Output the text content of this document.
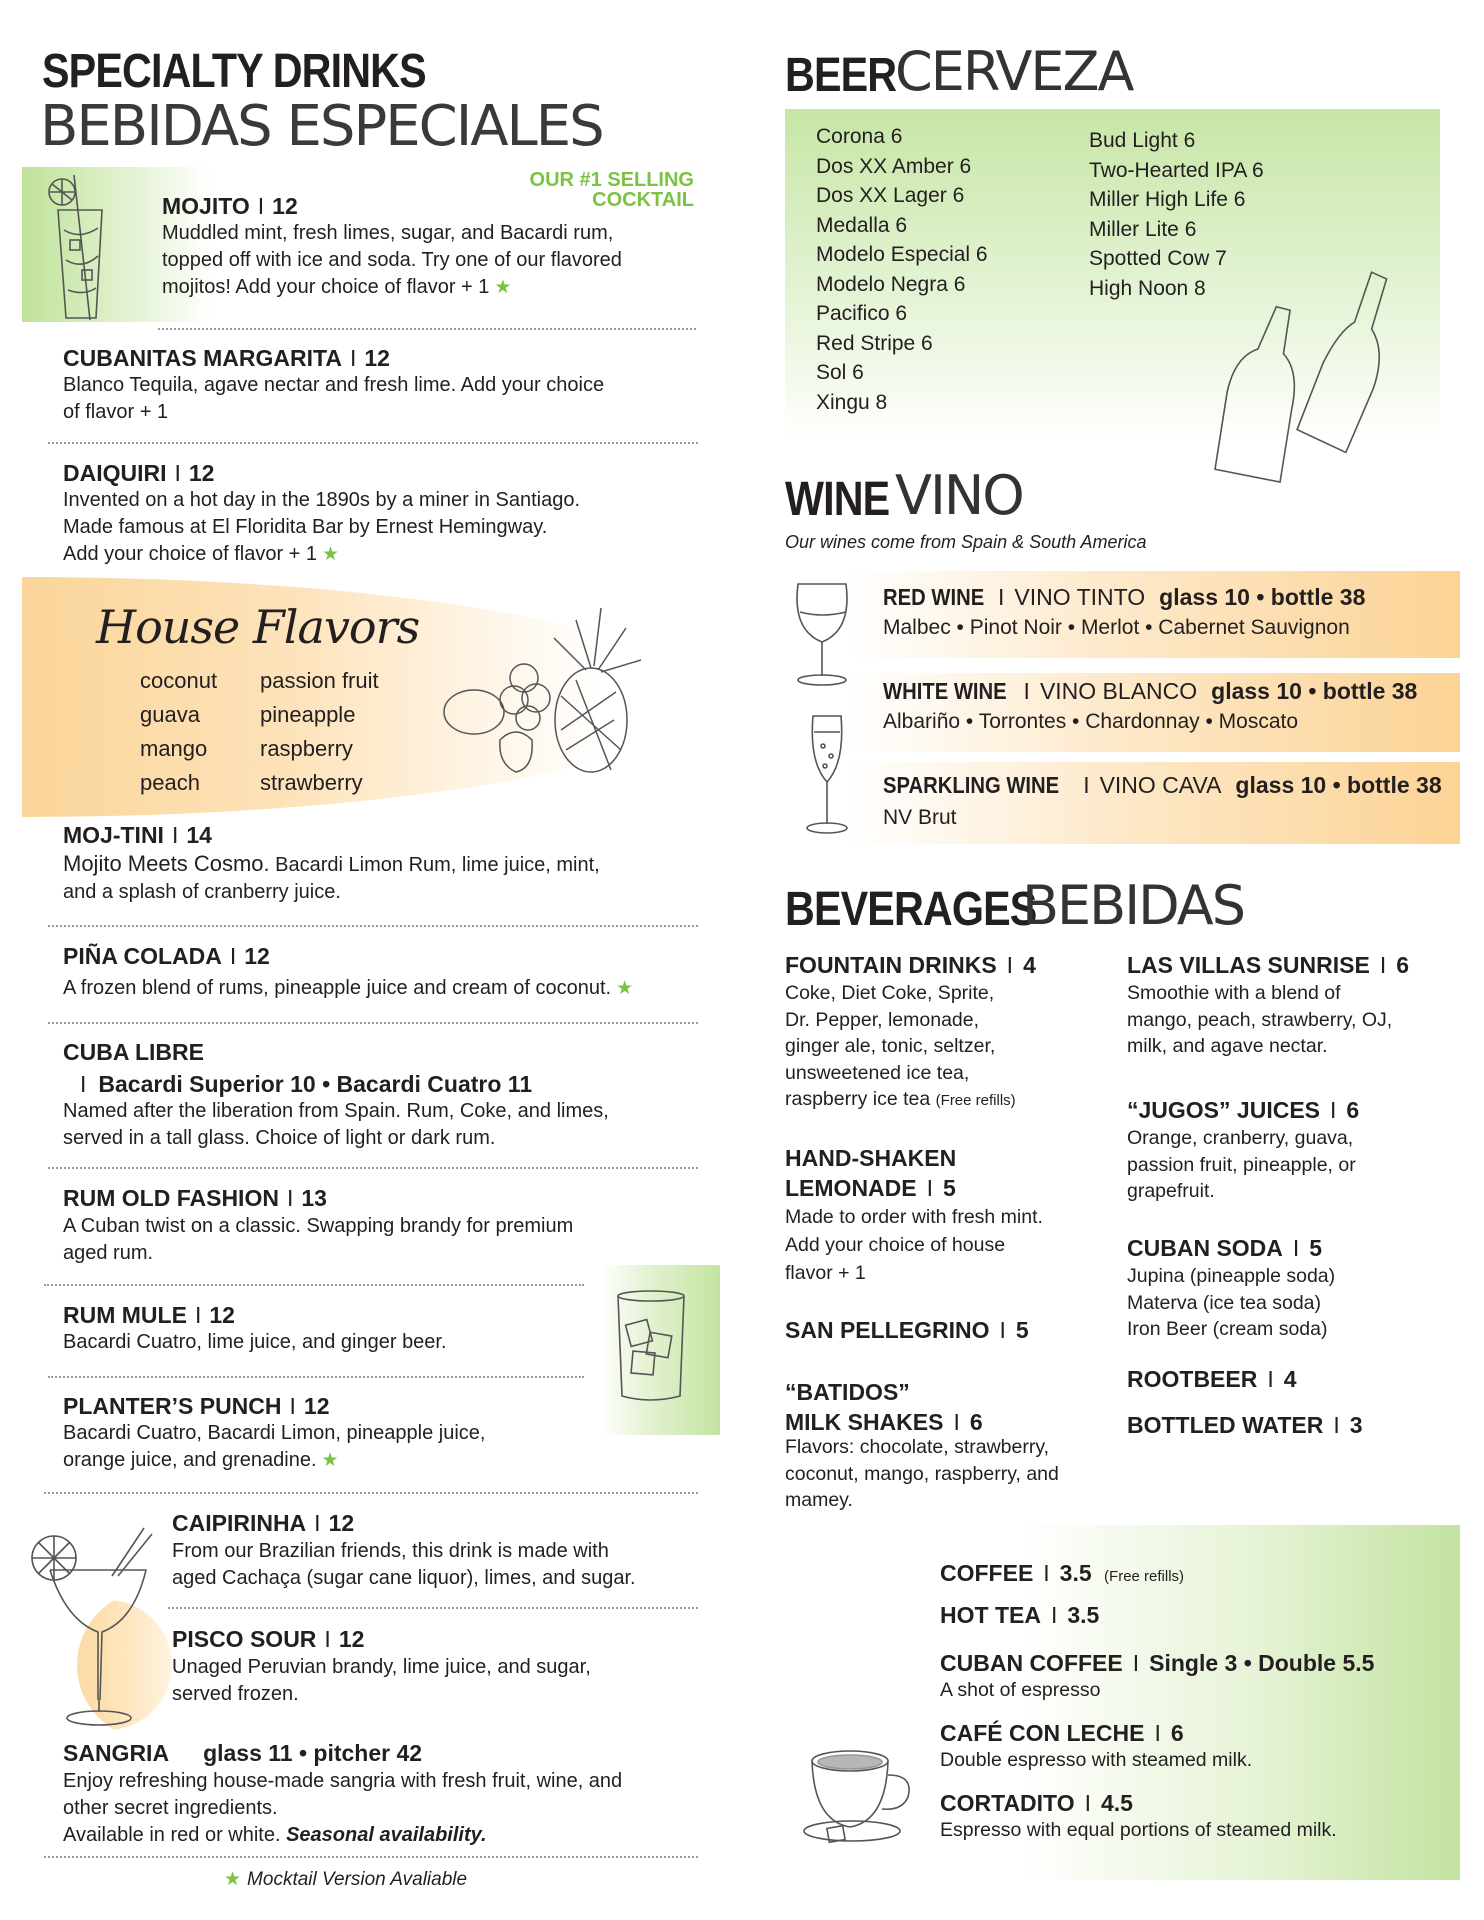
SPECIALTY DRINKS
BEBIDAS ESPECIALES
OUR #1 SELLING
COCKTAIL
MOJITO I 12
Muddled mint, fresh limes, sugar, and Bacardi rum,
topped off with ice and soda. Try one of our flavored
mojitos! Add your choice of flavor + 1 ★
CUBANITAS MARGARITA I 12
Blanco Tequila, agave nectar and fresh lime. Add your choice
of flavor + 1
DAIQUIRI I 12
Invented on a hot day in the 1890s by a miner in Santiago.
Made famous at El Floridita Bar by Ernest Hemingway.
Add your choice of flavor + 1 ★
House Flavors
coconut
guava
mango
peach
passion fruit
pineapple
raspberry
strawberry
MOJ-TINI I 14
Mojito Meets Cosmo. Bacardi Limon Rum, lime juice, mint,
and a splash of cranberry juice.
PIÑA COLADA I 12
A frozen blend of rums, pineapple juice and cream of coconut. ★
CUBA LIBRE
I Bacardi Superior 10 • Bacardi Cuatro 11
Named after the liberation from Spain. Rum, Coke, and limes,
served in a tall glass. Choice of light or dark rum.
RUM OLD FASHION I 13
A Cuban twist on a classic. Swapping brandy for premium
aged rum.
RUM MULE I 12
Bacardi Cuatro, lime juice, and ginger beer.
PLANTER’S PUNCH I 12
Bacardi Cuatro, Bacardi Limon, pineapple juice,
orange juice, and grenadine. ★
CAIPIRINHA I 12
From our Brazilian friends, this drink is made with
aged Cachaça (sugar cane liquor), limes, and sugar.
PISCO SOUR I 12
Unaged Peruvian brandy, lime juice, and sugar,
served frozen.
SANGRIA glass 11 • pitcher 42
Enjoy refreshing house-made sangria with fresh fruit, wine, and
other secret ingredients.
Available in red or white. Seasonal availability.
★ Mocktail Version Avaliable
BEER
CERVEZA
Corona 6
Dos XX Amber 6
Dos XX Lager 6
Medalla 6
Modelo Especial 6
Modelo Negra 6
Pacifico 6
Red Stripe 6
Sol 6
Xingu 8
Bud Light 6
Two-Hearted IPA 6
Miller High Life 6
Miller Lite 6
Spotted Cow 7
High Noon 8
WINE VINO
Our wines come from Spain & South America
RED WINE I VINO TINTO glass 10 • bottle 38
Malbec • Pinot Noir • Merlot • Cabernet Sauvignon
WHITE WINE I VINO BLANCO glass 10 • bottle 38
Albariño • Torrontes • Chardonnay • Moscato
SPARKLING WINE I VINO CAVA glass 10 • bottle 38
NV Brut
BEVERAGES
BEBIDAS
FOUNTAIN DRINKS I 4
Coke, Diet Coke, Sprite,
Dr. Pepper, lemonade,
ginger ale, tonic, seltzer,
unsweetened ice tea,
raspberry ice tea (Free refills)
HAND-SHAKEN
LEMONADE I 5
Made to order with fresh mint.
Add your choice of house
flavor + 1
SAN PELLEGRINO I 5
“BATIDOS”
MILK SHAKES I 6
Flavors: chocolate, strawberry,
coconut, mango, raspberry, and
mamey.
LAS VILLAS SUNRISE I 6
Smoothie with a blend of
mango, peach, strawberry, OJ,
milk, and agave nectar.
“JUGOS” JUICES I 6
Orange, cranberry, guava,
passion fruit, pineapple, or
grapefruit.
CUBAN SODA I 5
Jupina (pineapple soda)
Materva (ice tea soda)
Iron Beer (cream soda)
ROOTBEER I 4
BOTTLED WATER I 3
COFFEE I 3.5 (Free refills)
HOT TEA I 3.5
CUBAN COFFEE I Single 3 • Double 5.5
A shot of espresso
CAFÉ CON LECHE I 6
Double espresso with steamed milk.
CORTADITO I 4.5
Espresso with equal portions of steamed milk.
